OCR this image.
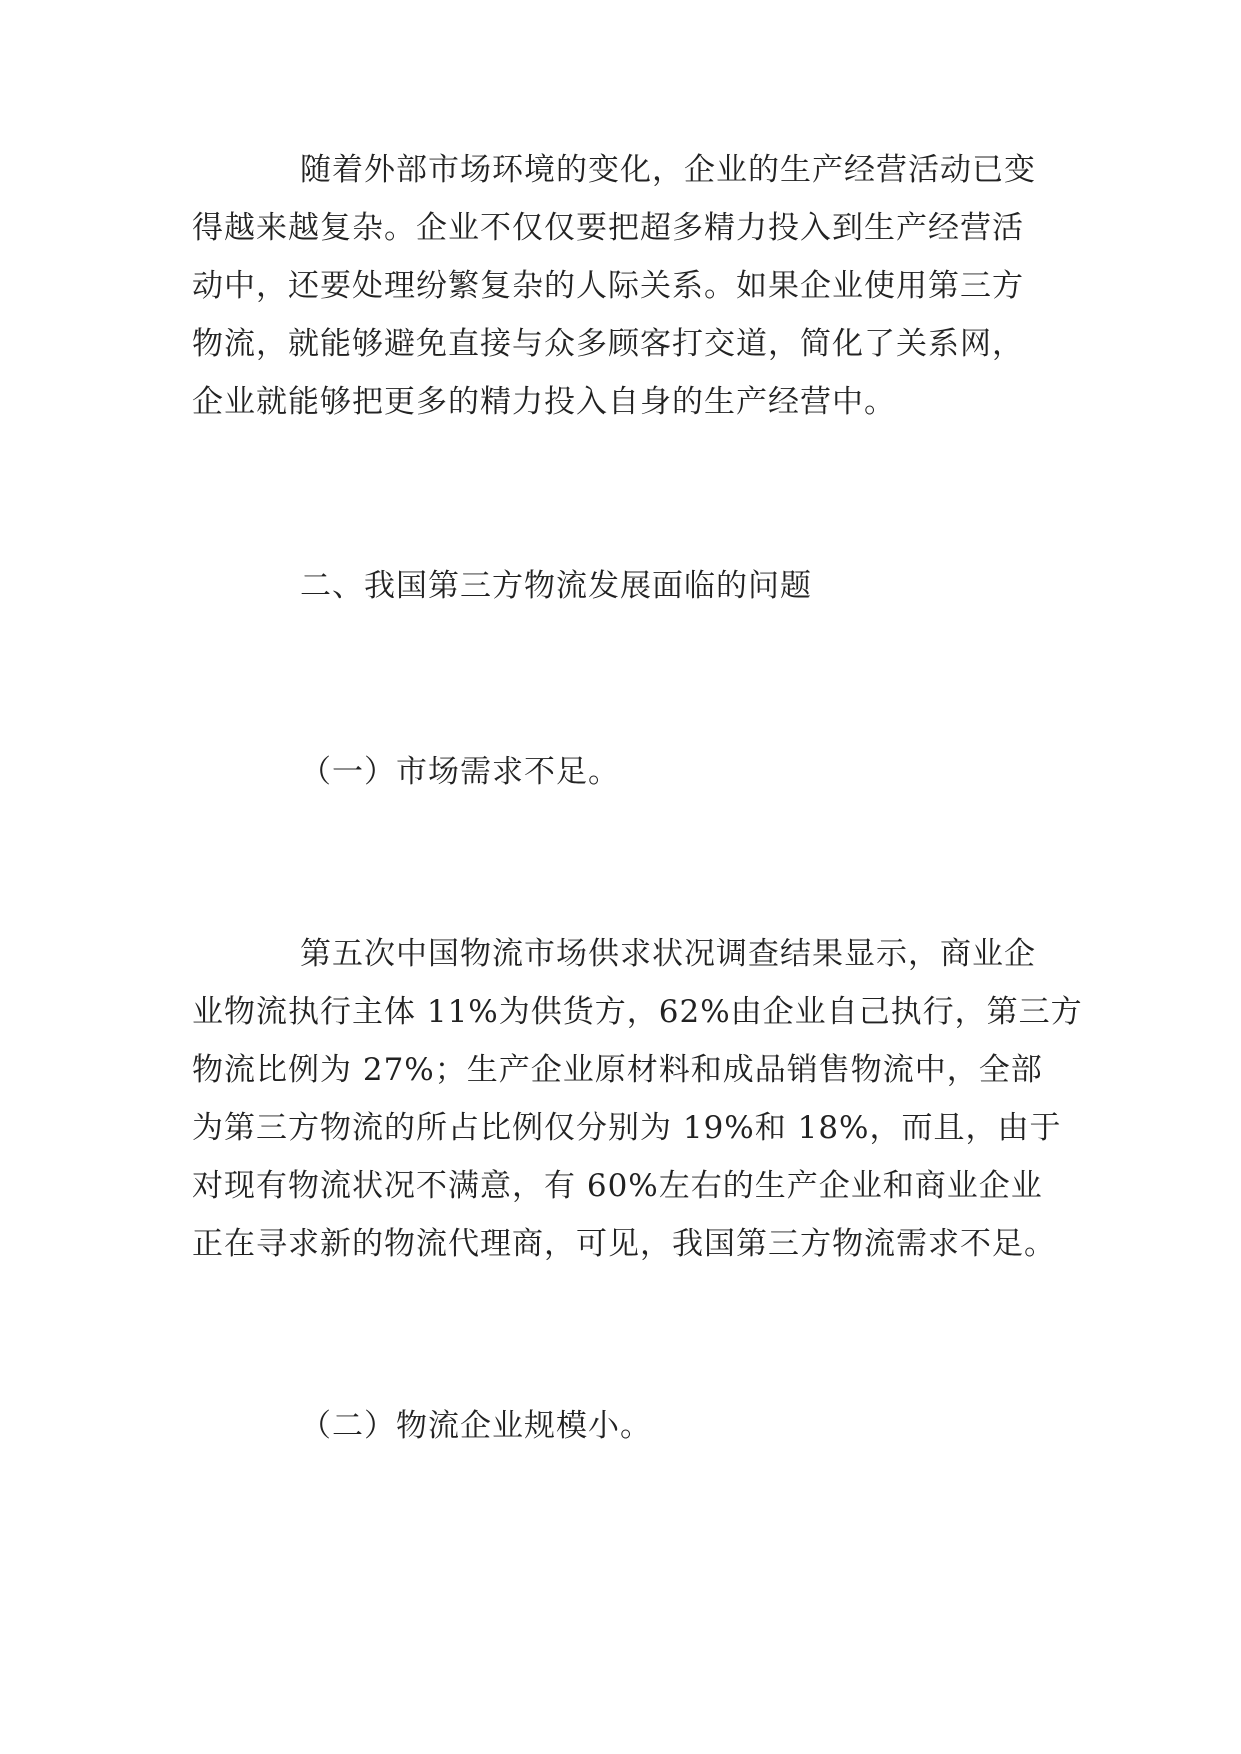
随着外部市场环境的变化，企业的生产经营活动已变
得越来越复杂。企业不仅仅要把超多精力投入到生产经营活
动中，还要处理纷繁复杂的人际关系。如果企业使用第三方
物流，就能够避免直接与众多顾客打交道，简化了关系网，
企业就能够把更多的精力投入自身的生产经营中。
二、我国第三方物流发展面临的问题
（一）市场需求不足。
第五次中国物流市场供求状况调查结果显示，商业企
业物流执行主体 11%为供货方，62%由企业自己执行，第三方
物流比例为 27%；生产企业原材料和成品销售物流中，全部
为第三方物流的所占比例仅分别为 19%和 18%，而且，由于
对现有物流状况不满意，有 60%左右的生产企业和商业企业
正在寻求新的物流代理商，可见，我国第三方物流需求不足。
（二）物流企业规模小。
